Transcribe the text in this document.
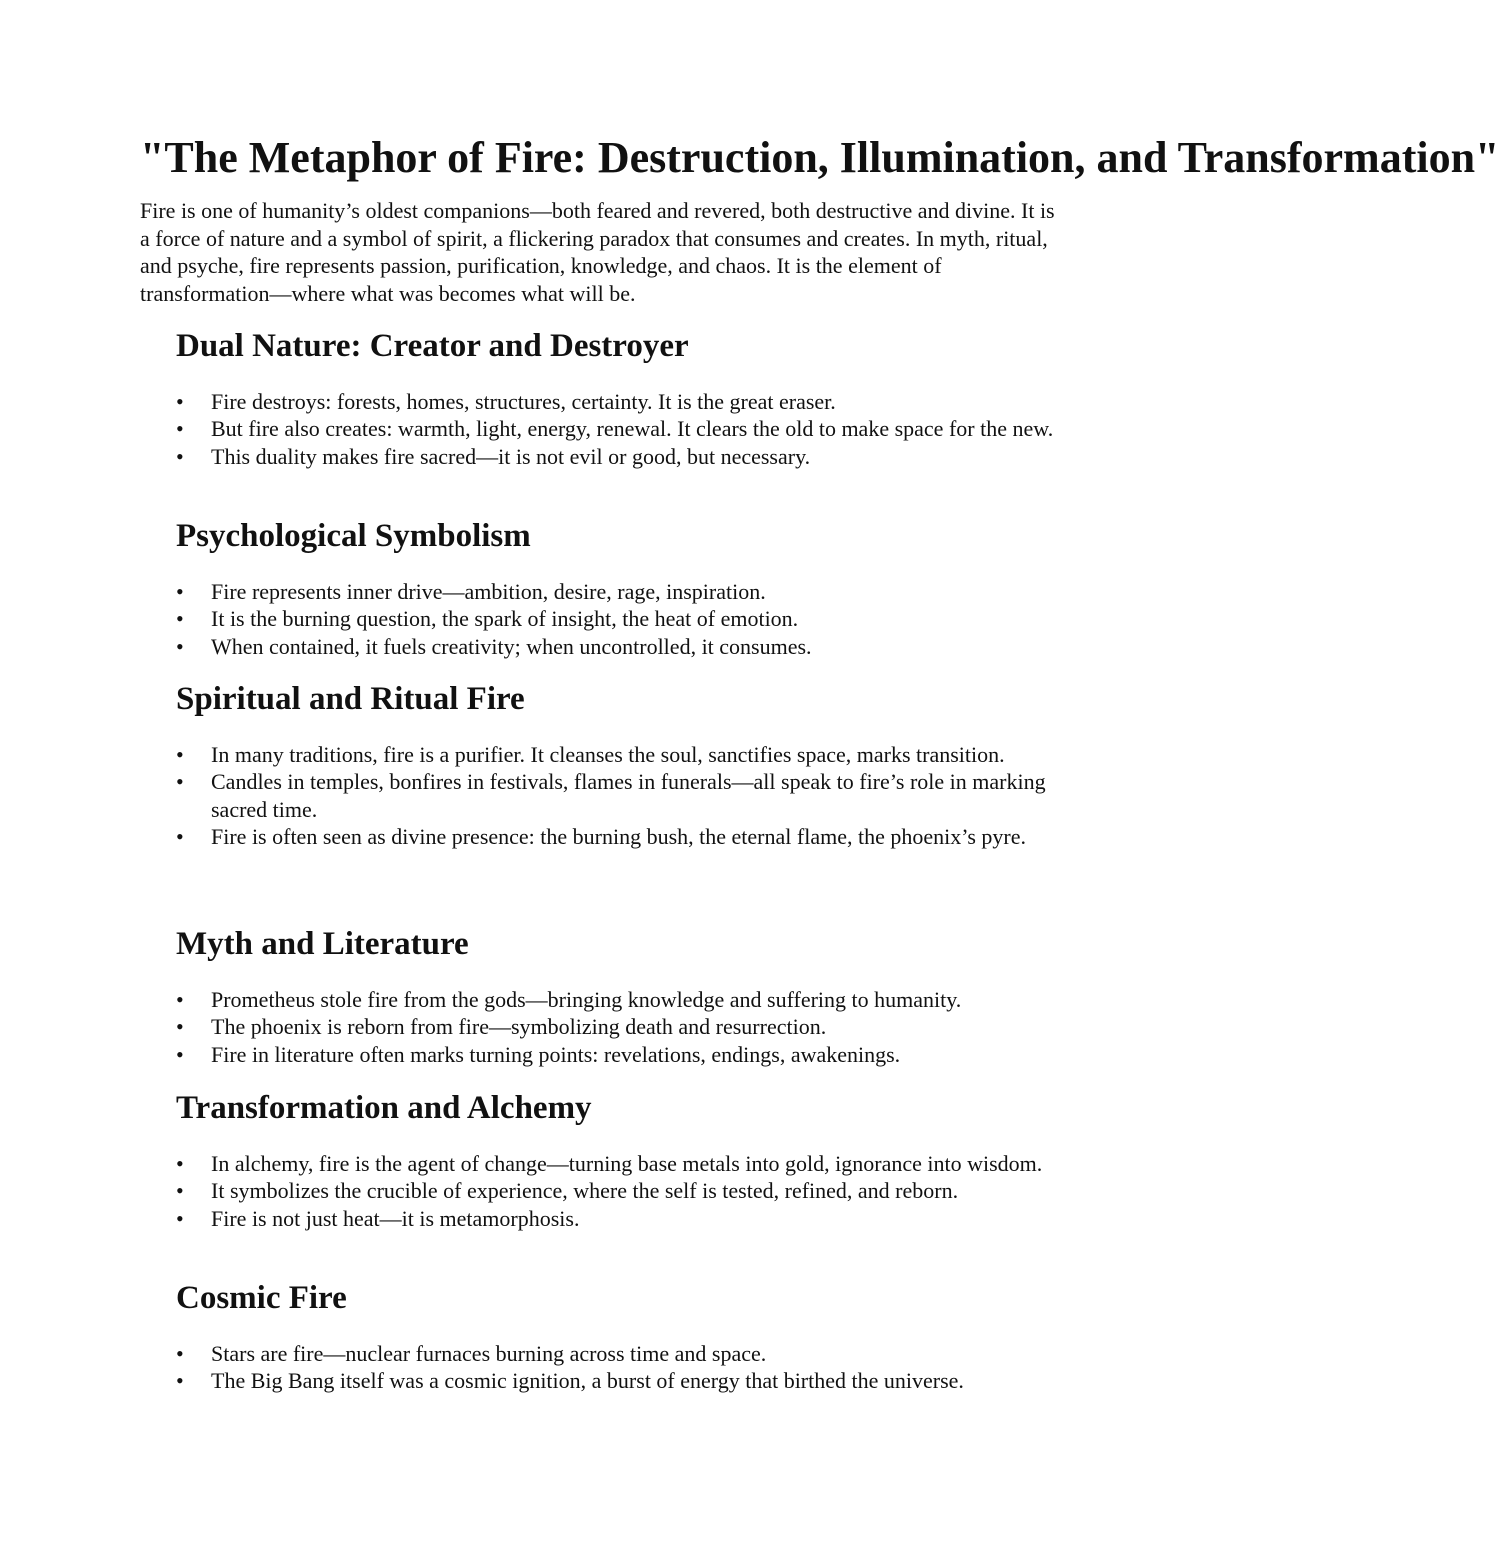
"The Metaphor of Fire: Destruction, Illumination, and Transformation"

Fire is one of humanity’s oldest companions—both feared and revered, both destructive and divine. It is a force of nature and a symbol of spirit, a flickering paradox that consumes and creates. In myth, ritual, and psyche, fire represents passion, purification, knowledge, and chaos. It is the element of transformation—where what was becomes what will be.

Dual Nature: Creator and Destroyer
•	Fire destroys: forests, homes, structures, certainty. It is the great eraser.
•	But fire also creates: warmth, light, energy, renewal. It clears the old to make space for the new.
•	This duality makes fire sacred—it is not evil or good, but necessary.
Psychological Symbolism
•	Fire represents inner drive—ambition, desire, rage, inspiration.
•	It is the burning question, the spark of insight, the heat of emotion.
•	When contained, it fuels creativity; when uncontrolled, it consumes.
Spiritual and Ritual Fire
•	In many traditions, fire is a purifier. It cleanses the soul, sanctifies space, marks transition.
•	Candles in temples, bonfires in festivals, flames in funerals—all speak to fire’s role in marking sacred time.
•	Fire is often seen as divine presence: the burning bush, the eternal flame, the phoenix’s pyre.
Myth and Literature
•	Prometheus stole fire from the gods—bringing knowledge and suffering to humanity.
•	The phoenix is reborn from fire—symbolizing death and resurrection.
•	Fire in literature often marks turning points: revelations, endings, awakenings.
Transformation and Alchemy
•	In alchemy, fire is the agent of change—turning base metals into gold, ignorance into wisdom.
•	It symbolizes the crucible of experience, where the self is tested, refined, and reborn.
•	Fire is not just heat—it is metamorphosis.
Cosmic Fire
•	Stars are fire—nuclear furnaces burning across time and space.
•	The Big Bang itself was a cosmic ignition, a burst of energy that birthed the universe.
